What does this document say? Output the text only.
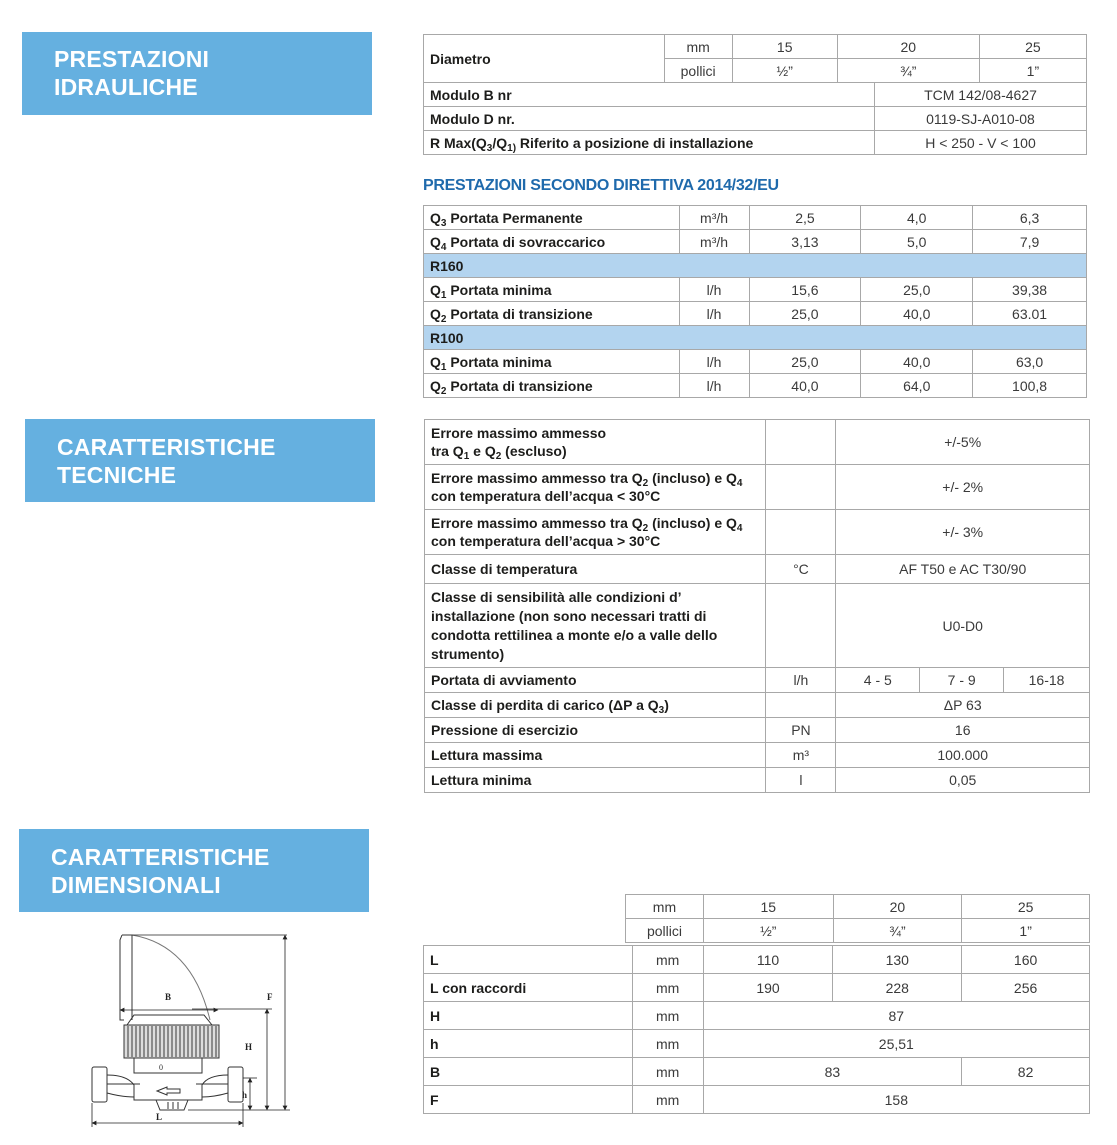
PRESTAZIONI
IDRAULICHE
CARATTERISTICHE
TECNICHE
CARATTERISTICHE
DIMENSIONALI
Diametro	mm	15	20		25
	pollici	½”	¾”		1”
Modulo B nr				TCM 142/08-4627	
Modulo D nr.				0119-SJ-A010-08	
R $Max(Q_3/Q_{1)}$ Riferito a posizione di installazione				H < 250 - V < 100	
PRESTAZIONI SECONDO DIRETTIVA 2014/32/EU
$Q_3$ Portata Permanente	m³/h	2,5	4,0	6,3
$Q_4$ Portata di sovraccarico	m³/h	3,13	5,0	7,9
R160				
$Q_1$ Portata minima	l/h	15,6	25,0	39,38
$Q_2$ Portata di transizione	l/h	25,0	40,0	63.01
R100				
$Q_1$ Portata minima	l/h	25,0	40,0	63,0
$Q_2$ Portata di transizione	l/h	40,0	64,0	100,8
Errore massimo ammesso
tra $Q_1$ e $Q_2$ (escluso)		+/-5%		
Errore massimo ammesso tra $Q_2$ (incluso) e $Q_4$
con temperatura dell’acqua < 30°C		+/- 2%		
Errore massimo ammesso tra $Q_2$ (incluso) e $Q_4$
con temperatura dell’acqua > 30°C		+/- 3%		
Classe di temperatura	°C	AF T50 e AC T30/90		
Classe di sensibilità alle condizioni d’ installazione (non sono necessari tratti di condotta rettilinea a monte e/o a valle dello strumento)		U0-D0		
Portata di avviamento	l/h	4 - 5	7 - 9	16-18
Classe di perdita di carico (ΔP a $Q_3$)		ΔP 63		
Pressione di esercizio	PN	16		
Lettura massima	m³	100.000		
Lettura minima	l	0,05		
mm	15	20	25
pollici	½”	¾”	1”
L	mm	110	130	160
L con raccordi	mm	190	228	256
H	mm	87		
h	mm	25,51		
B	mm	83		82
F	mm	158		
0
B	F
H
h
L
